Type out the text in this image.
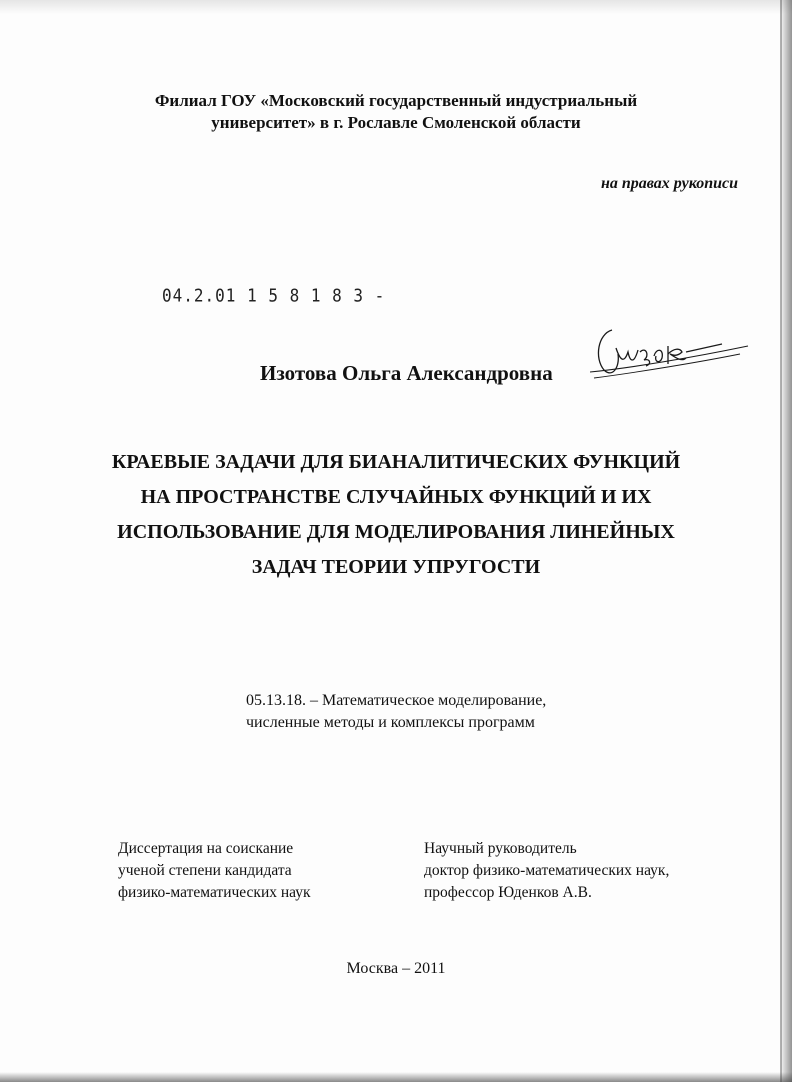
Филиал ГОУ «Московский государственный индустриальный
университет» в г. Рославле Смоленской области
на правах рукописи
04.2.01 1 5 8 1 8 3 -
Изотова Ольга Александровна
КРАЕВЫЕ ЗАДАЧИ ДЛЯ БИАНАЛИТИЧЕСКИХ ФУНКЦИЙ
НА ПРОСТРАНСТВЕ СЛУЧАЙНЫХ ФУНКЦИЙ И ИХ
ИСПОЛЬЗОВАНИЕ ДЛЯ МОДЕЛИРОВАНИЯ ЛИНЕЙНЫХ
ЗАДАЧ ТЕОРИИ УПРУГОСТИ
05.13.18. – Математическое моделирование,
численные методы и комплексы программ
Диссертация на соискание
ученой степени кандидата
физико-математических наук
Научный руководитель
доктор физико-математических наук,
профессор Юденков А.В.
Москва – 2011
